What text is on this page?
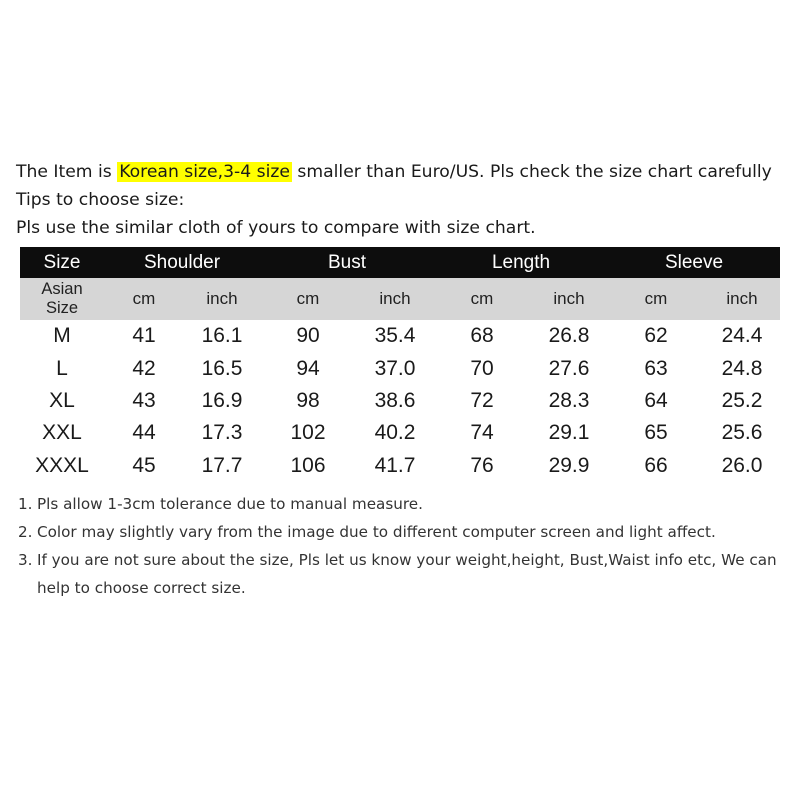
The Item is Korean size,3-4 size smaller than Euro/US. Pls check the size chart carefully
Tips to choose size:
Pls use the similar cloth of yours to compare with size chart.
Size	Shoulder		Bust		Length		Sleeve	
Asian
Size	cm	inch	cm	inch	cm	inch	cm	inch
M	41	16.1	90	35.4	68	26.8	62	24.4
L	42	16.5	94	37.0	70	27.6	63	24.8
XL	43	16.9	98	38.6	72	28.3	64	25.2
XXL	44	17.3	102	40.2	74	29.1	65	25.6
XXXL	45	17.7	106	41.7	76	29.9	66	26.0
1. Pls allow 1-3cm tolerance due to manual measure.
2. Color may slightly vary from the image due to different computer screen and light affect.
3. If you are not sure about the size, Pls let us know your weight,height, Bust,Waist info etc, We can help to choose correct size.
